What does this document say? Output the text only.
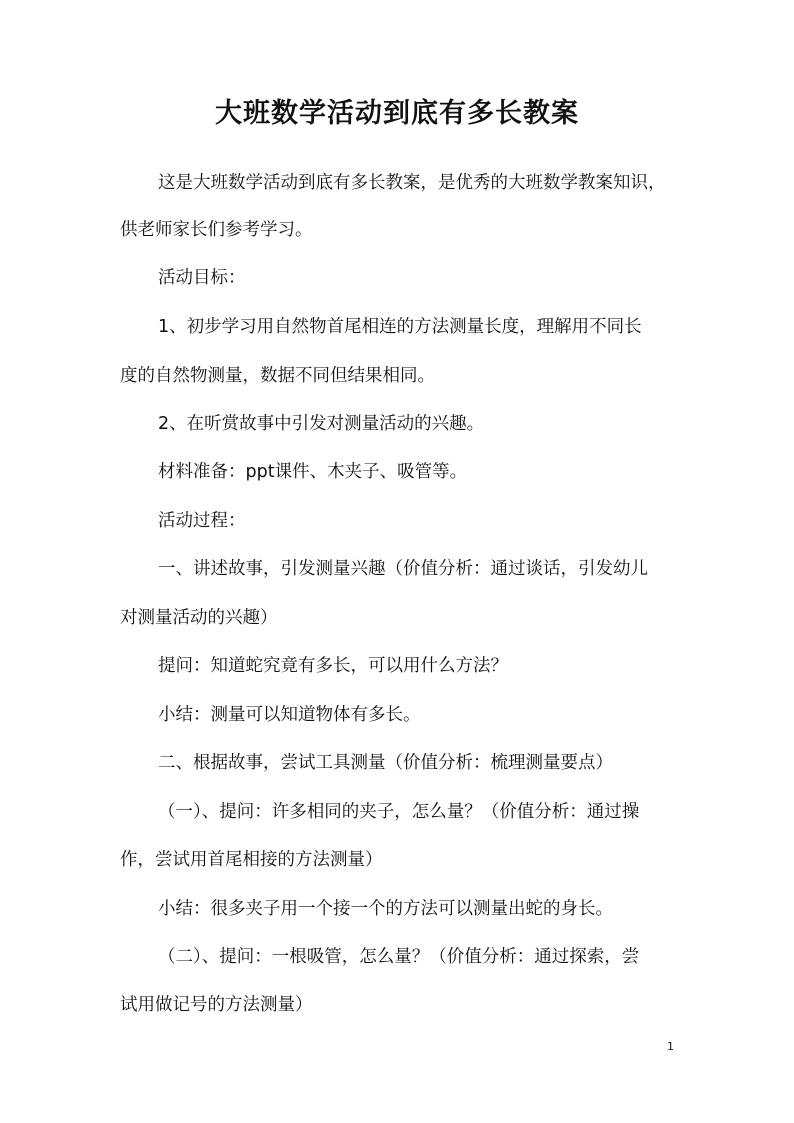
大班数学活动到底有多长教案
这是大班数学活动到底有多长教案，是优秀的大班数学教案知识，
供老师家长们参考学习。
活动目标：
1、初步学习用自然物首尾相连的方法测量长度，理解用不同长
度的自然物测量，数据不同但结果相同。
2、在听赏故事中引发对测量活动的兴趣。
材料准备：ppt课件、木夹子、吸管等。
活动过程：
一、讲述故事，引发测量兴趣（价值分析：通过谈话，引发幼儿
对测量活动的兴趣）
提问：知道蛇究竟有多长，可以用什么方法？
小结：测量可以知道物体有多长。
二、根据故事，尝试工具测量（价值分析：梳理测量要点）
（一）、提问：许多相同的夹子，怎么量？（价值分析：通过操
作，尝试用首尾相接的方法测量）
小结：很多夹子用一个接一个的方法可以测量出蛇的身长。
（二）、提问：一根吸管，怎么量？（价值分析：通过探索，尝
试用做记号的方法测量）
1
